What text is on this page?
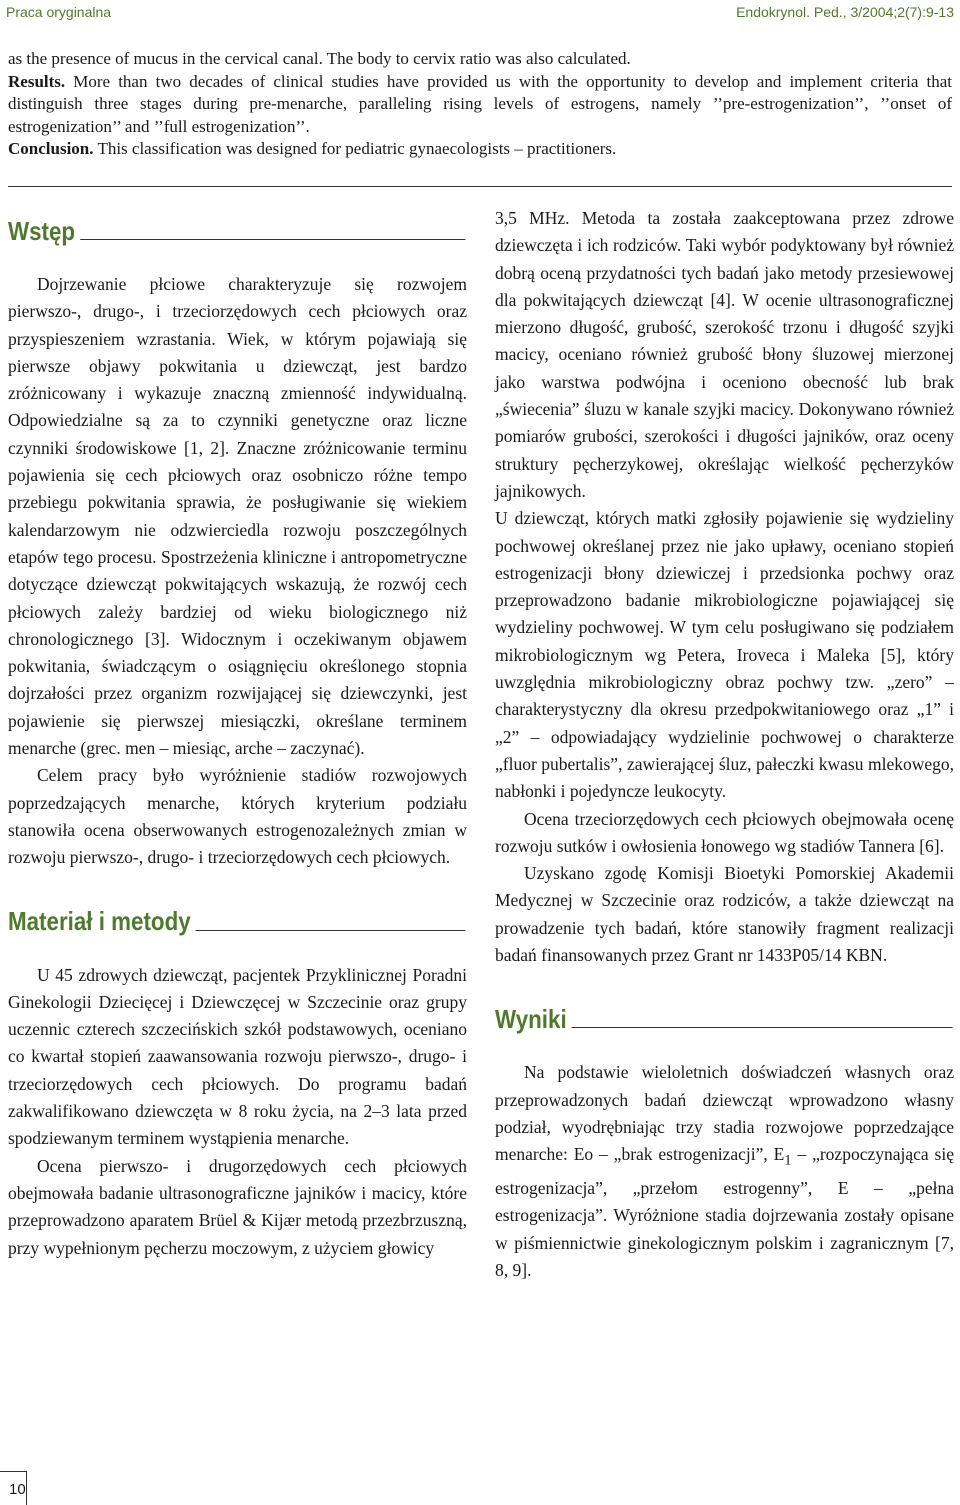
Praca oryginalna	Endokrynol. Ped., 3/2004;2(7):9-13

as the presence of mucus in the cervical canal. The body to cervix ratio was also calculated.

Results. More than two decades of clinical studies have provided us with the opportunity to develop and implement criteria that distinguish three stages during pre-menarche, paralleling rising levels of estrogens, namely ’’pre-estrogenization’’, ’’onset of estrogenization’’ and ’’full estrogenization’’.

Conclusion. This classification was designed for pediatric gynaecologists – practitioners.

Wstęp

Dojrzewanie płciowe charakteryzuje się rozwojem pierwszo-, drugo-, i trzeciorzędowych cech płciowych oraz przyspieszeniem wzrastania. Wiek, w którym pojawiają się pierwsze objawy pokwitania u dziewcząt, jest bardzo zróżnicowany i wykazuje znaczną zmienność indywidualną. Odpowiedzialne są za to czynniki genetyczne oraz liczne czynniki środowiskowe [1, 2]. Znaczne zróżnicowanie terminu pojawienia się cech płciowych oraz osobniczo różne tempo przebiegu pokwitania sprawia, że posługiwanie się wiekiem kalendarzowym nie odzwierciedla rozwoju poszczególnych etapów tego procesu. Spostrzeżenia kliniczne i antropometryczne dotyczące dziewcząt pokwitających wskazują, że rozwój cech płciowych zależy bardziej od wieku biologicznego niż chronologicznego [3]. Widocznym i oczekiwanym objawem pokwitania, świadczącym o osiągnięciu określonego stopnia dojrzałości przez organizm rozwijającej się dziewczynki, jest pojawienie się pierwszej miesiączki, określane terminem menarche (grec. men – miesiąc, arche – zaczynać).

Celem pracy było wyróżnienie stadiów rozwojowych poprzedzających menarche, których kryterium podziału stanowiła ocena obserwowanych estrogenozależnych zmian w rozwoju pierwszo-, drugo- i trzeciorzędowych cech płciowych.

Materiał i metody

U 45 zdrowych dziewcząt, pacjentek Przyklinicznej Poradni Ginekologii Dziecięcej i Dziewczęcej w Szczecinie oraz grupy uczennic czterech szczecińskich szkół podstawowych, oceniano co kwartał stopień zaawansowania rozwoju pierwszo-, drugo- i trzeciorzędowych cech płciowych. Do programu badań zakwalifikowano dziewczęta w 8 roku życia, na 2–3 lata przed spodziewanym terminem wystąpienia menarche.

Ocena pierwszo- i drugorzędowych cech płciowych obejmowała badanie ultrasonograficzne jajników i macicy, które przeprowadzono aparatem Brüel & Kijær metodą przezbrzuszną, przy wypełnionym pęcherzu moczowym, z użyciem głowicy

3,5 MHz. Metoda ta została zaakceptowana przez zdrowe dziewczęta i ich rodziców. Taki wybór podyktowany był również dobrą oceną przydatności tych badań jako metody przesiewowej dla pokwitających dziewcząt [4]. W ocenie ultrasonograficznej mierzono długość, grubość, szerokość trzonu i długość szyjki macicy, oceniano również grubość błony śluzowej mierzonej jako warstwa podwójna i oceniono obecność lub brak „świecenia” śluzu w kanale szyjki macicy. Dokonywano również pomiarów grubości, szerokości i długości jajników, oraz oceny struktury pęcherzykowej, określając wielkość pęcherzyków jajnikowych.

U dziewcząt, których matki zgłosiły pojawienie się wydzieliny pochwowej określanej przez nie jako upławy, oceniano stopień estrogenizacji błony dziewiczej i przedsionka pochwy oraz przeprowadzono badanie mikrobiologiczne pojawiającej się wydzieliny pochwowej. W tym celu posługiwano się podziałem mikrobiologicznym wg Petera, Iroveca i Maleka [5], który uwzględnia mikrobiologiczny obraz pochwy tzw. „zero” – charakterystyczny dla okresu przedpokwitaniowego oraz „1” i „2” – odpowiadający wydzielinie pochwowej o charakterze „fluor pubertalis”, zawierającej śluz, pałeczki kwasu mlekowego, nabłonki i pojedyncze leukocyty.

Ocena trzeciorzędowych cech płciowych obejmowała ocenę rozwoju sutków i owłosienia łonowego wg stadiów Tannera [6].

Uzyskano zgodę Komisji Bioetyki Pomorskiej Akademii Medycznej w Szczecinie oraz rodziców, a także dziewcząt na prowadzenie tych badań, które stanowiły fragment realizacji badań finansowanych przez Grant nr 1433P05/14 KBN.

Wyniki

Na podstawie wieloletnich doświadczeń własnych oraz przeprowadzonych badań dziewcząt wprowadzono własny podział, wyodrębniając trzy stadia rozwojowe poprzedzające menarche: Eo – „brak estrogenizacji”, $E_1$ – „rozpoczynająca się estrogenizacja”, „przełom estrogenny”, E – „pełna estrogenizacja”. Wyróżnione stadia dojrzewania zostały opisane w piśmiennictwie ginekologicznym polskim i zagranicznym [7, 8, 9].

10
